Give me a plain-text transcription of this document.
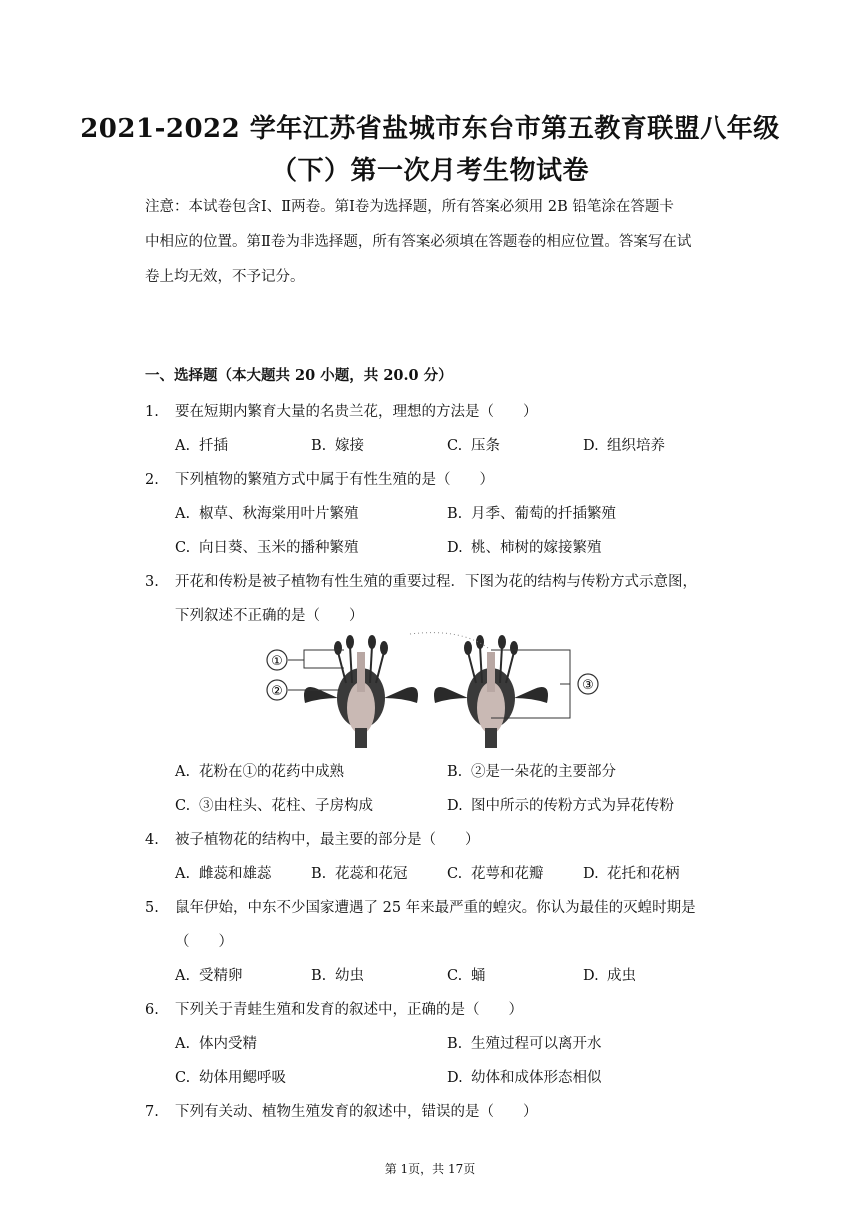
2021-2022 学年江苏省盐城市东台市第五教育联盟八年级
（下）第一次月考生物试卷
注意：本试卷包含Ⅰ、Ⅱ两卷。第Ⅰ卷为选择题，所有答案必须用 2B 铅笔涂在答题卡
中相应的位置。第Ⅱ卷为非选择题，所有答案必须填在答题卷的相应位置。答案写在试
卷上均无效，不予记分。
一、选择题（本大题共 20 小题，共 20.0 分）
1. 要在短期内繁育大量的名贵兰花，理想的方法是（　　）
A. 扦插	B. 嫁接	C. 压条	D. 组织培养
2. 下列植物的繁殖方式中属于有性生殖的是（　　）
A. 椒草、秋海棠用叶片繁殖	B. 月季、葡萄的扦插繁殖
C. 向日葵、玉米的播种繁殖	D. 桃、柿树的嫁接繁殖
3. 开花和传粉是被子植物有性生殖的重要过程．下图为花的结构与传粉方式示意图，
下列叙述不正确的是（　　）
①
②	③
A. 花粉在①的花药中成熟	B. ②是一朵花的主要部分
C. ③由柱头、花柱、子房构成	D. 图中所示的传粉方式为异花传粉
4. 被子植物花的结构中，最主要的部分是（　　）
A. 雌蕊和雄蕊	B. 花蕊和花冠	C. 花萼和花瓣	D. 花托和花柄
5. 鼠年伊始，中东不少国家遭遇了 25 年来最严重的蝗灾。你认为最佳的灭蝗时期是
（　　）
A. 受精卵	B. 幼虫	C. 蛹	D. 成虫
6. 下列关于青蛙生殖和发育的叙述中，正确的是（　　）
A. 体内受精	B. 生殖过程可以离开水
C. 幼体用鳃呼吸	D. 幼体和成体形态相似
7. 下列有关动、植物生殖发育的叙述中，错误的是（　　）
第 1页，共 17页
